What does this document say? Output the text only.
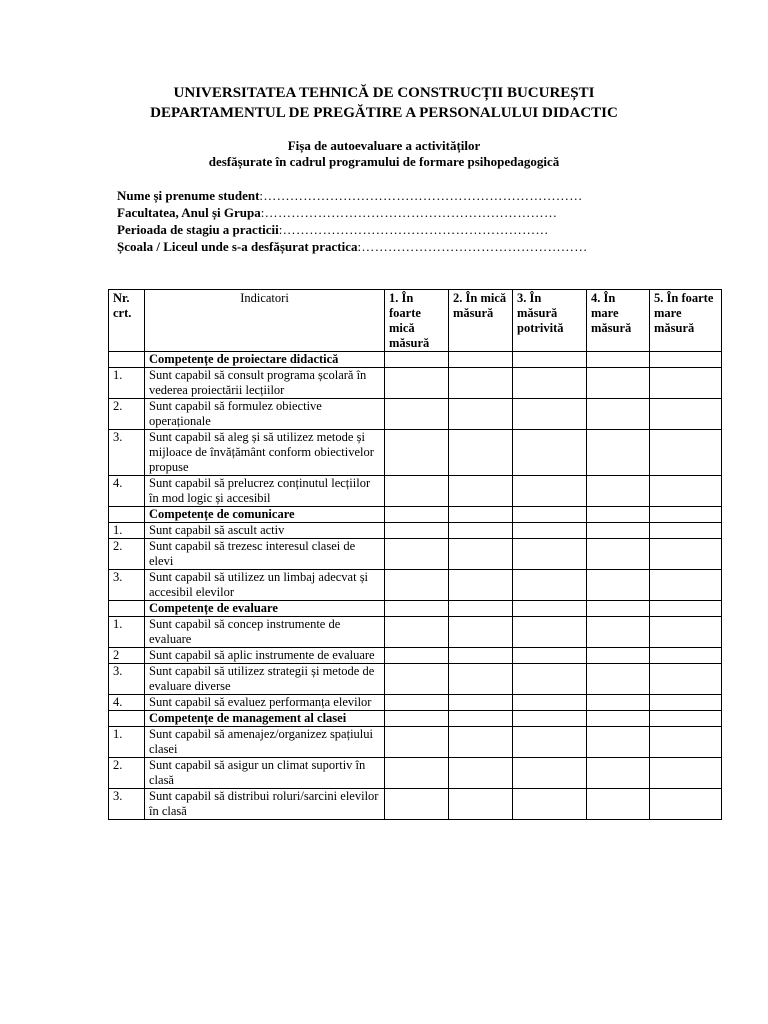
UNIVERSITATEA TEHNICĂ DE CONSTRUCȚII BUCUREȘTI
DEPARTAMENTUL DE PREGĂTIRE A PERSONALULUI DIDACTIC
Fișa de autoevaluare a activităților
desfășurate în cadrul programului de formare psihopedagogică
Nume și prenume student:………………………………………………………………
Facultatea, Anul și Grupa:…………………………………………………………
Perioada de stagiu a practicii:……………………………………………………
Școala / Liceul unde s-a desfășurat practica:……………………………………………
Nr. crt.	Indicatori	1. În foarte mică măsură	2. În mică măsură	3. În măsură potrivită	4. În mare măsură	5. În foarte mare măsură
	Competențe de proiectare didactică					
1.	Sunt capabil să consult programa școlară în vederea proiectării lecțiilor					
2.	Sunt capabil să formulez obiective operaționale					
3.	Sunt capabil să aleg și să utilizez metode și mijloace de învățământ conform obiectivelor propuse					
4.	Sunt capabil să prelucrez conținutul lecțiilor în mod logic și accesibil					
	Competențe de comunicare					
1.	Sunt capabil să ascult activ					
2.	Sunt capabil să trezesc interesul clasei de elevi					
3.	Sunt capabil să utilizez un limbaj adecvat și accesibil elevilor					
	Competențe de evaluare					
1.	Sunt capabil să concep instrumente de evaluare					
2	Sunt capabil să aplic instrumente de evaluare					
3.	Sunt capabil să utilizez strategii și metode de evaluare diverse					
4.	Sunt capabil să evaluez performanța elevilor					
	Competențe de management al clasei					
1.	Sunt capabil să amenajez/organizez spațiului clasei					
2.	Sunt capabil să asigur un climat suportiv în clasă					
3.	Sunt capabil să distribui roluri/sarcini elevilor în clasă					
